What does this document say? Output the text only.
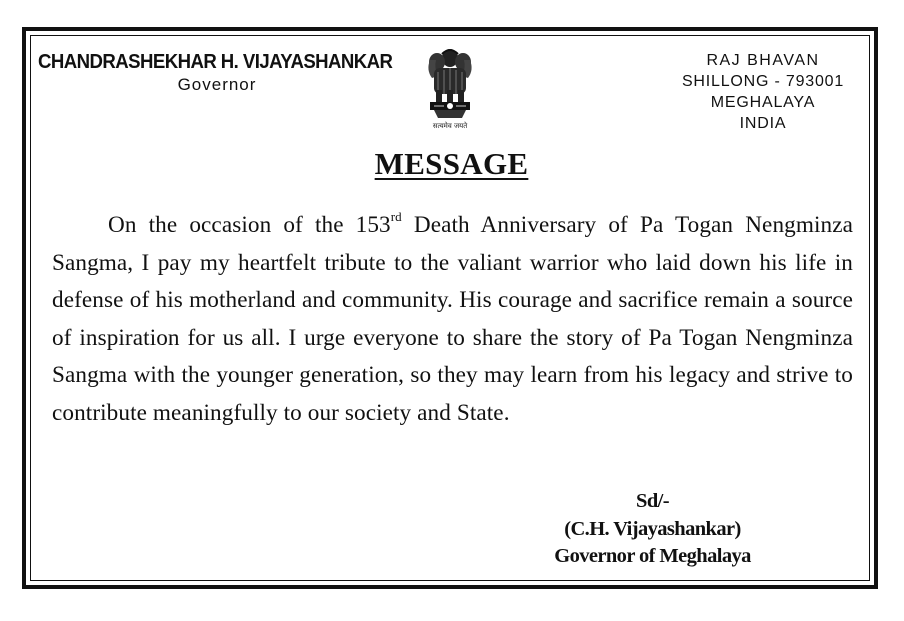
CHANDRASHEKHAR H. VIJAYASHANKAR
Governor
सत्यमेव जयते
RAJ BHAVAN
SHILLONG - 793001
MEGHALAYA
INDIA
MESSAGE

On the occasion of the 153rd Death Anniversary of Pa Togan Nengminza Sangma, I pay my heartfelt tribute to the valiant warrior who laid down his life in defense of his motherland and community. His courage and sacrifice remain a source of inspiration for us all. I urge everyone to share the story of Pa Togan Nengminza Sangma with the younger generation, so they may learn from his legacy and strive to contribute meaningfully to our society and State.

Sd/-
(C.H. Vijayashankar)
Governor of Meghalaya
